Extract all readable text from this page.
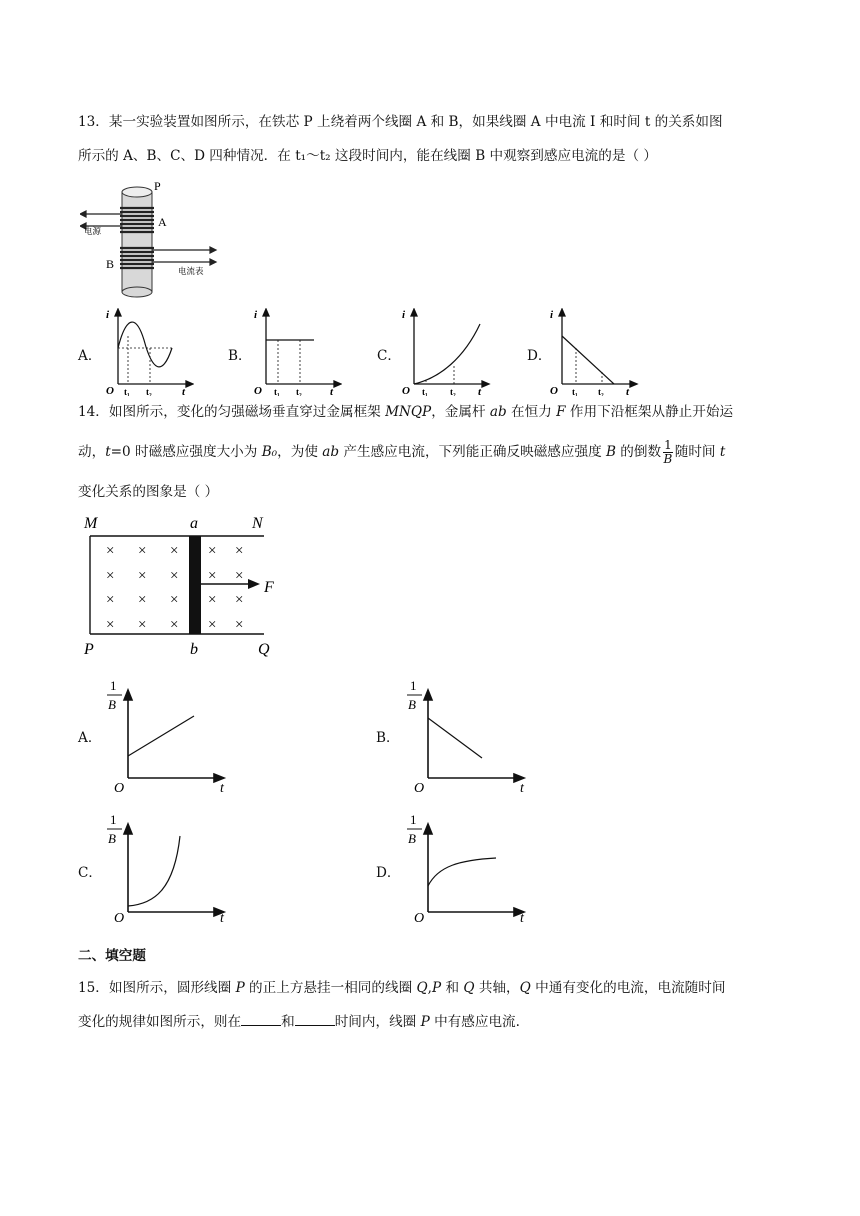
13．某一实验装置如图所示，在铁芯 P 上绕着两个线圈 A 和 B，如果线圈 A 中电流 I 和时间 t 的关系如图

所示的 A、B、C、D 四种情况．在 t₁～t₂ 这段时间内，能在线圈 B 中观察到感应电流的是（ ）

P
A
B
电源
电流表
A．	B．	C．	D．
i
O t₁ t₂	t
i
O t₁ t₂	t
i
O t₁ t₂ t
i
O t₁ t₂ t

14．如图所示，变化的匀强磁场垂直穿过金属框架 MNQP，金属杆 ab 在恒力 F 作用下沿框架从静止开始运

动，t=0 时磁感应强度大小为 B₀，为使 ab 产生感应电流，下列能正确反映磁感应强度 B 的倒数 $\frac{1}{B}$ 随时间 t

变化关系的图象是（ ）

M	a	N
P	b	Q
F
× × × × ×
× × × × ×
× × × × ×
× × × × ×
A．	B．
C．	D．
1
B
O	t
1
B
O	t
1
B
O	t
1
B
O	t
二、填空题

15．如图所示，圆形线圈 P 的正上方悬挂一相同的线圈 Q,P 和 Q 共轴，Q 中通有变化的电流，电流随时间

变化的规律如图所示，则在	和	时间内，线圈 P 中有感应电流.
